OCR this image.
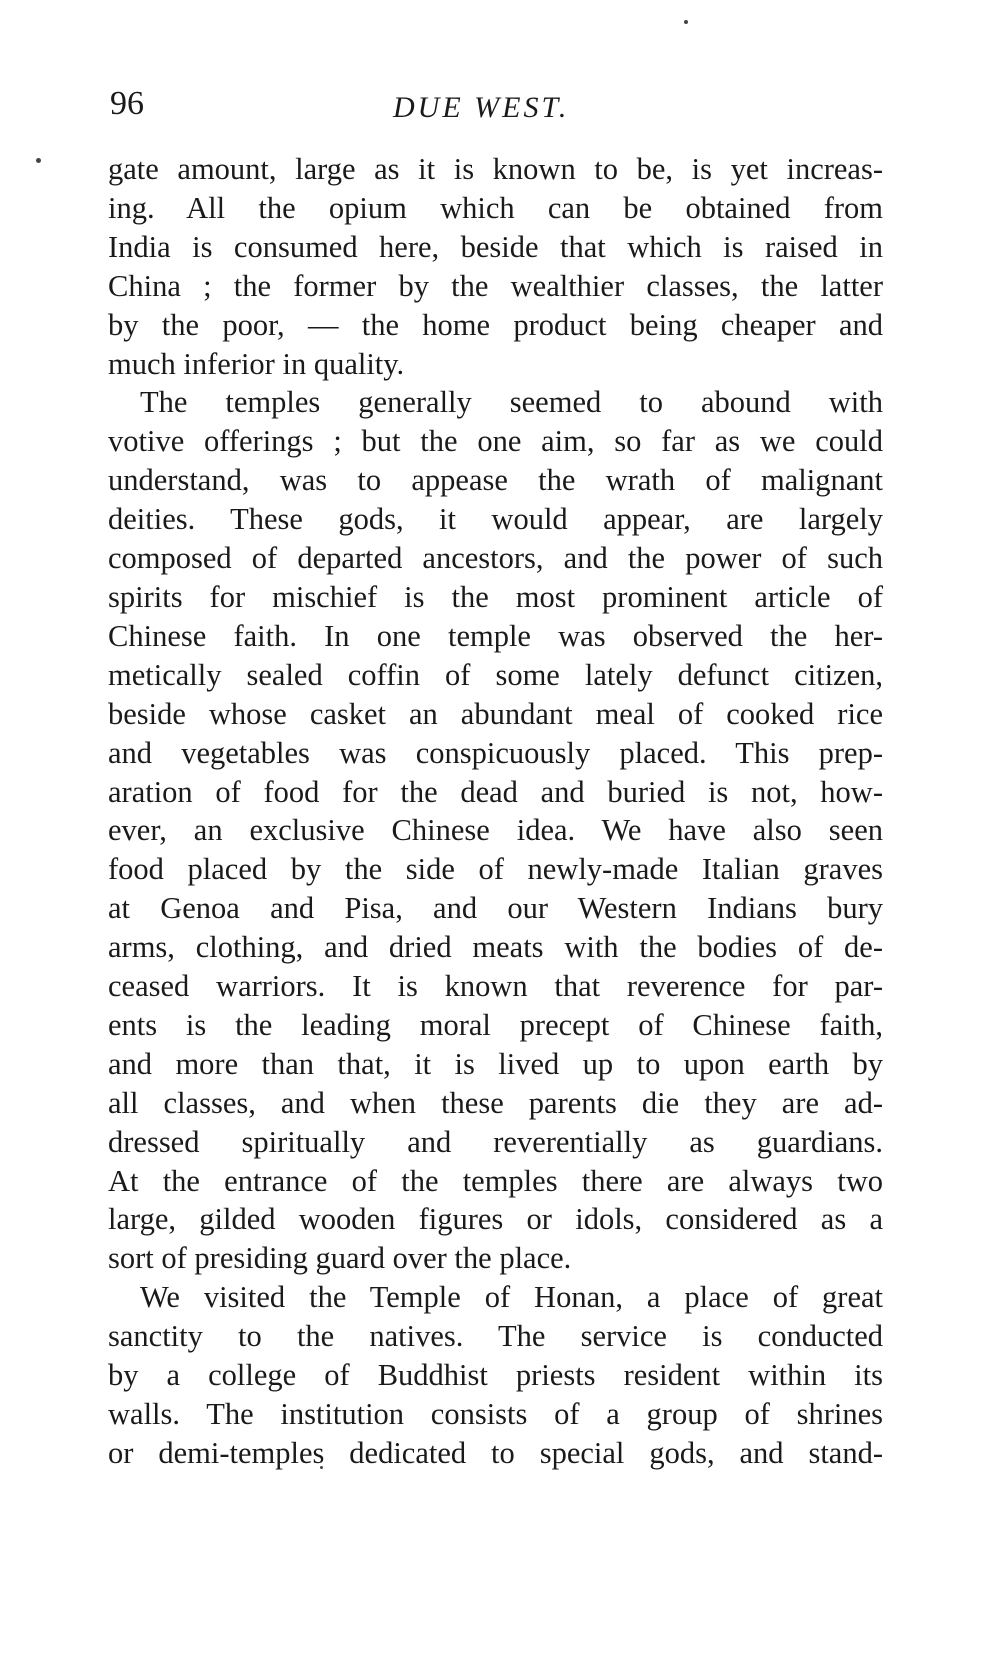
96	DUE WEST.

gate amount, large as it is known to be, is yet increas-
ing. All the opium which can be obtained from
India is consumed here, beside that which is raised in
China ; the former by the wealthier classes, the latter
by the poor, — the home product being cheaper and
much inferior in quality.

The temples generally seemed to abound with
votive offerings ; but the one aim, so far as we could
understand, was to appease the wrath of malignant
deities. These gods, it would appear, are largely
composed of departed ancestors, and the power of such
spirits for mischief is the most prominent article of
Chinese faith. In one temple was observed the her-
metically sealed coffin of some lately defunct citizen,
beside whose casket an abundant meal of cooked rice
and vegetables was conspicuously placed. This prep-
aration of food for the dead and buried is not, how-
ever, an exclusive Chinese idea. We have also seen
food placed by the side of newly-made Italian graves
at Genoa and Pisa, and our Western Indians bury
arms, clothing, and dried meats with the bodies of de-
ceased warriors. It is known that reverence for par-
ents is the leading moral precept of Chinese faith,
and more than that, it is lived up to upon earth by
all classes, and when these parents die they are ad-
dressed spiritually and reverentially as guardians.
At the entrance of the temples there are always two
large, gilded wooden figures or idols, considered as a
sort of presiding guard over the place.

We visited the Temple of Honan, a place of great
sanctity to the natives. The service is conducted
by a college of Buddhist priests resident within its
walls. The institution consists of a group of shrines
or demi-temples dedicated to special gods, and stand-
